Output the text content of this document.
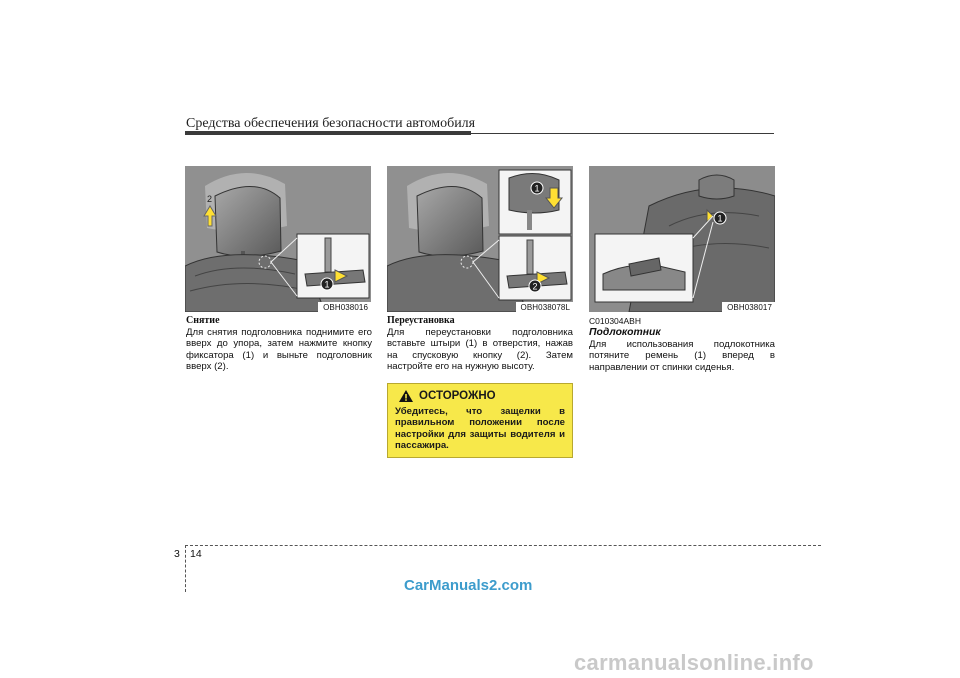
Средства обеспечения безопасности автомобиля
2
1
OBH038016
1
2
OBH038078L
1
OBH038017
Снятие
Для снятия подголовника поднимите его вверх до упора, затем нажмите кнопку фиксатора (1) и выньте подголовник вверх (2).
Переустановка
Для переустановки подголовника вставьте штыри (1) в отверстия, нажав на спусковую кнопку (2). Затем настройте его на нужную высоту.
C010304ABH
Подлокотник
Для использования подлокотника потяните ремень (1) вперед в направлении от спинки сиденья.
ОСТОРОЖНО
Убедитесь, что защелки в правильном положении после настройки для защиты водителя и пассажира.
3 14
CarManuals2.com
carmanualsonline.info
